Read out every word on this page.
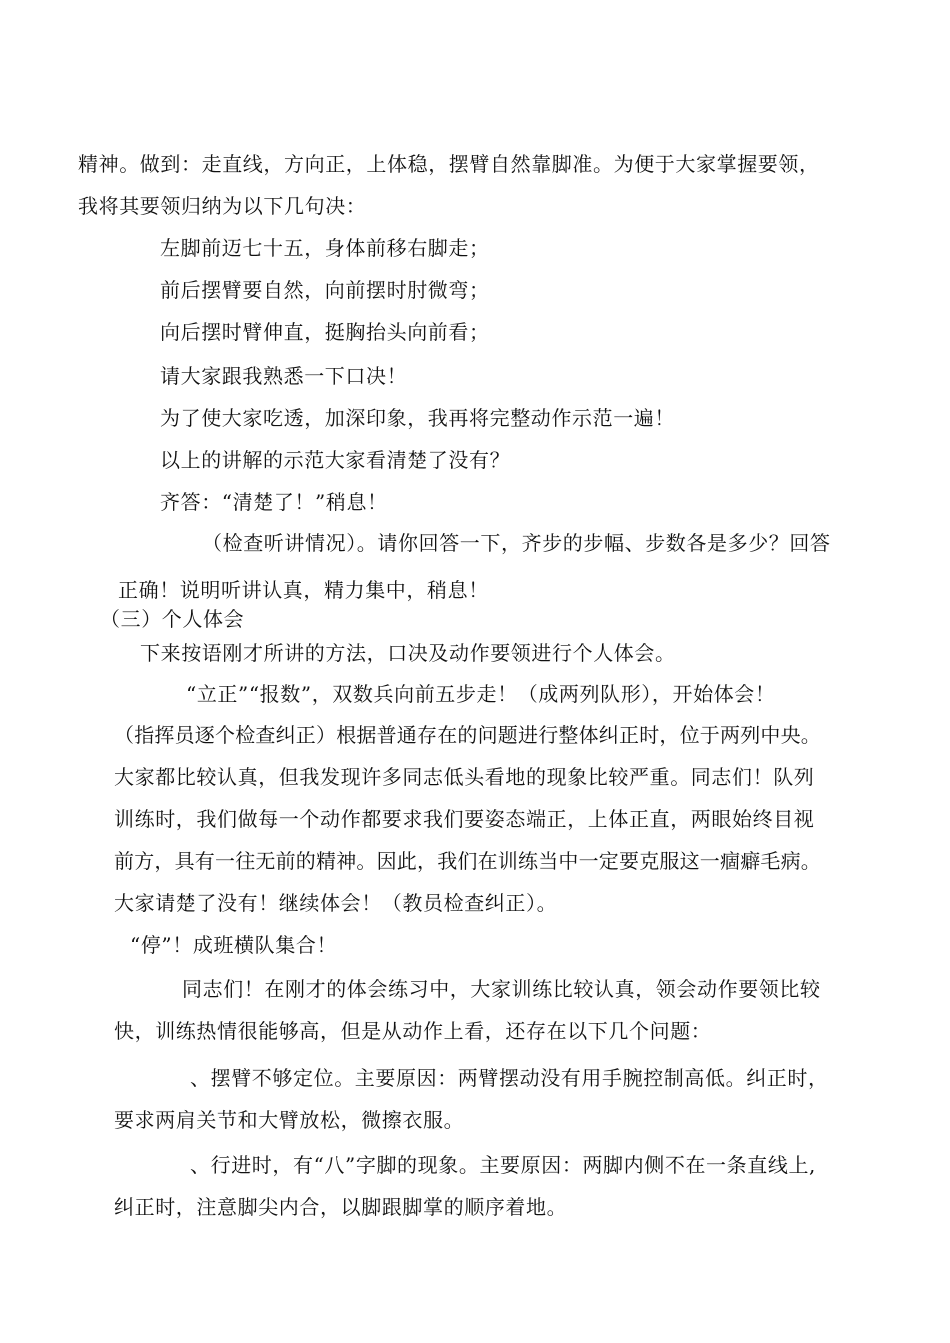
精神。做到：走直线，方向正，上体稳，摆臂自然靠脚准。为便于大家掌握要领，
我将其要领归纳为以下几句决：
左脚前迈七十五，身体前移右脚走；
前后摆臂要自然，向前摆时肘微弯；
向后摆时臂伸直，挺胸抬头向前看；
请大家跟我熟悉一下口决！
为了使大家吃透，加深印象，我再将完整动作示范一遍！
以上的讲解的示范大家看清楚了没有？
齐答：“清楚了！”稍息！
（检查听讲情况）。请你回答一下，齐步的步幅、步数各是多少？回答
正确！说明听讲认真，精力集中，稍息！
（三）个人体会
下来按语刚才所讲的方法，口决及动作要领进行个人体会。
“立正”“报数”，双数兵向前五步走！（成两列队形），开始体会！
（指挥员逐个检查纠正）根据普通存在的问题进行整体纠正时，位于两列中央。
大家都比较认真，但我发现许多同志低头看地的现象比较严重。同志们！队列
训练时，我们做每一个动作都要求我们要姿态端正，上体正直，两眼始终目视
前方，具有一往无前的精神。因此，我们在训练当中一定要克服这一痼癖毛病。
大家请楚了没有！继续体会！（教员检查纠正）。
“停”！成班横队集合！
同志们！在刚才的体会练习中，大家训练比较认真，领会动作要领比较
快，训练热情很能够高，但是从动作上看，还存在以下几个问题：
、摆臂不够定位。主要原因：两臂摆动没有用手腕控制高低。纠正时，
要求两肩关节和大臂放松，微擦衣服。
、行进时，有“八”字脚的现象。主要原因：两脚内侧不在一条直线上,
纠正时，注意脚尖内合，以脚跟脚掌的顺序着地。
